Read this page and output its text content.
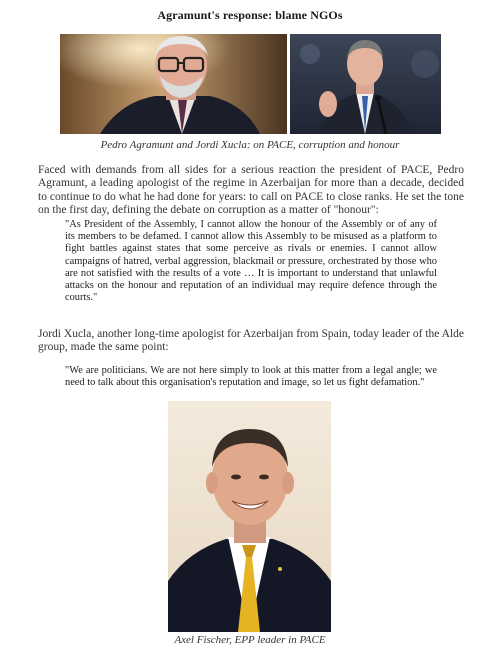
Agramunt's response: blame NGOs
Pedro Agramunt and Jordi Xucla: on PACE, corruption and honour
Faced with demands from all sides for a serious reaction the president of PACE, Pedro Agramunt, a leading apologist of the regime in Azerbaijan for more than a decade, decided to continue to do what he had done for years: to call on PACE to close ranks. He set the tone on the first day, defining the debate on corruption as a matter of "honour":
"As President of the Assembly, I cannot allow the honour of the Assembly or of any of its members to be defamed. I cannot allow this Assembly to be misused as a platform to fight battles against states that some perceive as rivals or enemies. I cannot allow campaigns of hatred, verbal aggression, blackmail or pressure, orchestrated by those who are not satisfied with the results of a vote … It is important to understand that unlawful attacks on the honour and reputation of an individual may require defence through the courts."
Jordi Xucla, another long-time apologist for Azerbaijan from Spain, today leader of the Alde group, made the same point:
"We are politicians. We are not here simply to look at this matter from a legal angle; we need to talk about this organisation's reputation and image, so let us fight defamation."
Axel Fischer, EPP leader in PACE
